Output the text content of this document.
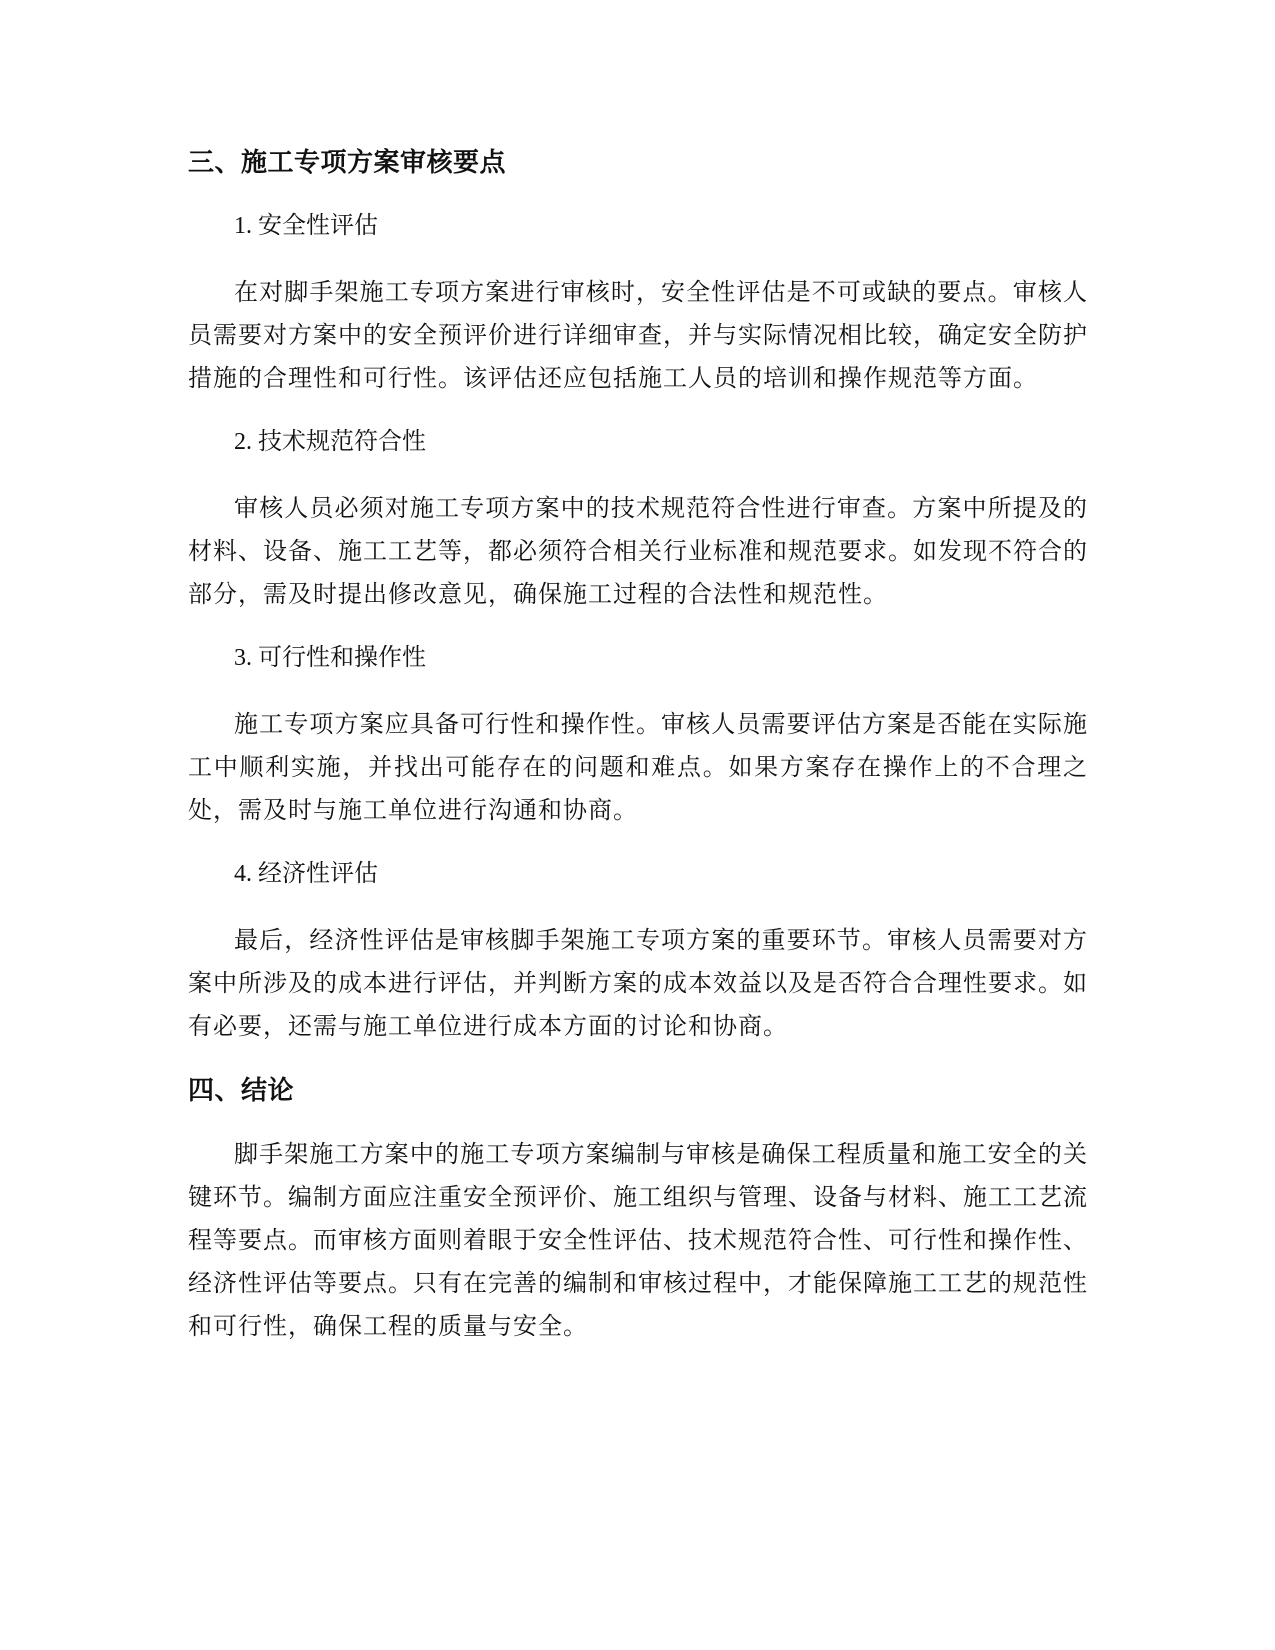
三、施工专项方案审核要点

1. 安全性评估

在对脚手架施工专项方案进行审核时，安全性评估是不可或缺的要点。审核人员需要对方案中的安全预评价进行详细审查，并与实际情况相比较，确定安全防护措施的合理性和可行性。该评估还应包括施工人员的培训和操作规范等方面。

2. 技术规范符合性

审核人员必须对施工专项方案中的技术规范符合性进行审查。方案中所提及的材料、设备、施工工艺等，都必须符合相关行业标准和规范要求。如发现不符合的部分，需及时提出修改意见，确保施工过程的合法性和规范性。

3. 可行性和操作性

施工专项方案应具备可行性和操作性。审核人员需要评估方案是否能在实际施工中顺利实施，并找出可能存在的问题和难点。如果方案存在操作上的不合理之处，需及时与施工单位进行沟通和协商。

4. 经济性评估

最后，经济性评估是审核脚手架施工专项方案的重要环节。审核人员需要对方案中所涉及的成本进行评估，并判断方案的成本效益以及是否符合合理性要求。如有必要，还需与施工单位进行成本方面的讨论和协商。

四、结论

脚手架施工方案中的施工专项方案编制与审核是确保工程质量和施工安全的关键环节。编制方面应注重安全预评价、施工组织与管理、设备与材料、施工工艺流程等要点。而审核方面则着眼于安全性评估、技术规范符合性、可行性和操作性、经济性评估等要点。只有在完善的编制和审核过程中，才能保障施工工艺的规范性和可行性，确保工程的质量与安全。
